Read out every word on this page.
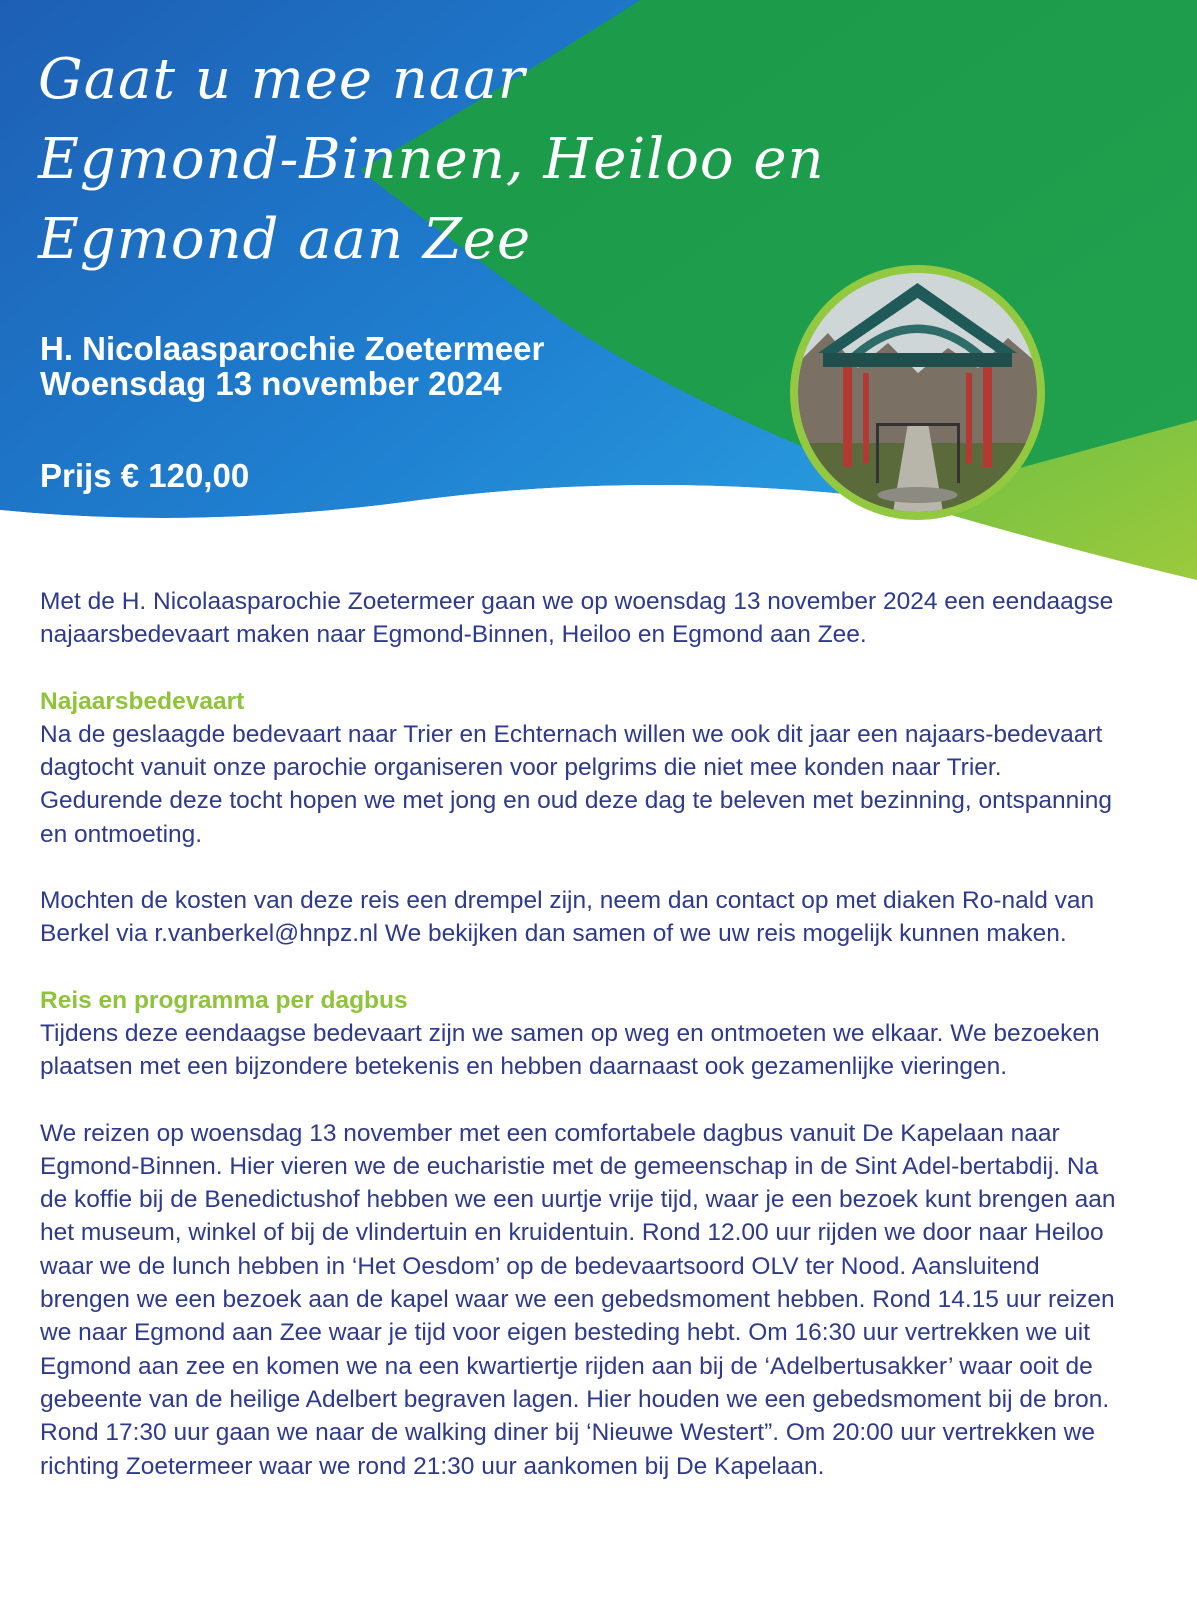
Gaat u mee naar
Egmond-Binnen, Heiloo en
Egmond aan Zee

H. Nicolaasparochie Zoetermeer

Woensdag 13 november 2024

Prijs € 120,00

Met de H. Nicolaasparochie Zoetermeer gaan we op woensdag 13 november 2024 een eendaagse najaarsbedevaart maken naar Egmond-Binnen, Heiloo en Egmond aan Zee.

Najaarsbedevaart

Na de geslaagde bedevaart naar Trier en Echternach willen we ook dit jaar een najaars-bedevaart dagtocht vanuit onze parochie organiseren voor pelgrims die niet mee konden naar Trier. Gedurende deze tocht hopen we met jong en oud deze dag te beleven met bezinning, ontspanning en ontmoeting.

Mochten de kosten van deze reis een drempel zijn, neem dan contact op met diaken Ro-nald van Berkel via r.vanberkel@hnpz.nl We bekijken dan samen of we uw reis mogelijk kunnen maken.

Reis en programma per dagbus

Tijdens deze eendaagse bedevaart zijn we samen op weg en ontmoeten we elkaar. We bezoeken plaatsen met een bijzondere betekenis en hebben daarnaast ook gezamenlijke vieringen.

We reizen op woensdag 13 november met een comfortabele dagbus vanuit De Kapelaan naar Egmond-Binnen. Hier vieren we de eucharistie met de gemeenschap in de Sint Adel-bertabdij. Na de koffie bij de Benedictushof hebben we een uurtje vrije tijd, waar je een bezoek kunt brengen aan het museum, winkel of bij de vlindertuin en kruidentuin. Rond 12.00 uur rijden we door naar Heiloo waar we de lunch hebben in ‘Het Oesdom’ op de bedevaartsoord OLV ter Nood. Aansluitend brengen we een bezoek aan de kapel waar we een gebedsmoment hebben. Rond 14.15 uur reizen we naar Egmond aan Zee waar je tijd voor eigen besteding hebt. Om 16:30 uur vertrekken we uit Egmond aan zee en komen we na een kwartiertje rijden aan bij de ‘Adelbertusakker’ waar ooit de gebeente van de heilige Adelbert begraven lagen. Hier houden we een gebedsmoment bij de bron. Rond 17:30 uur gaan we naar de walking diner bij ‘Nieuwe Westert”. Om 20:00 uur vertrekken we richting Zoetermeer waar we rond 21:30 uur aankomen bij De Kapelaan.
